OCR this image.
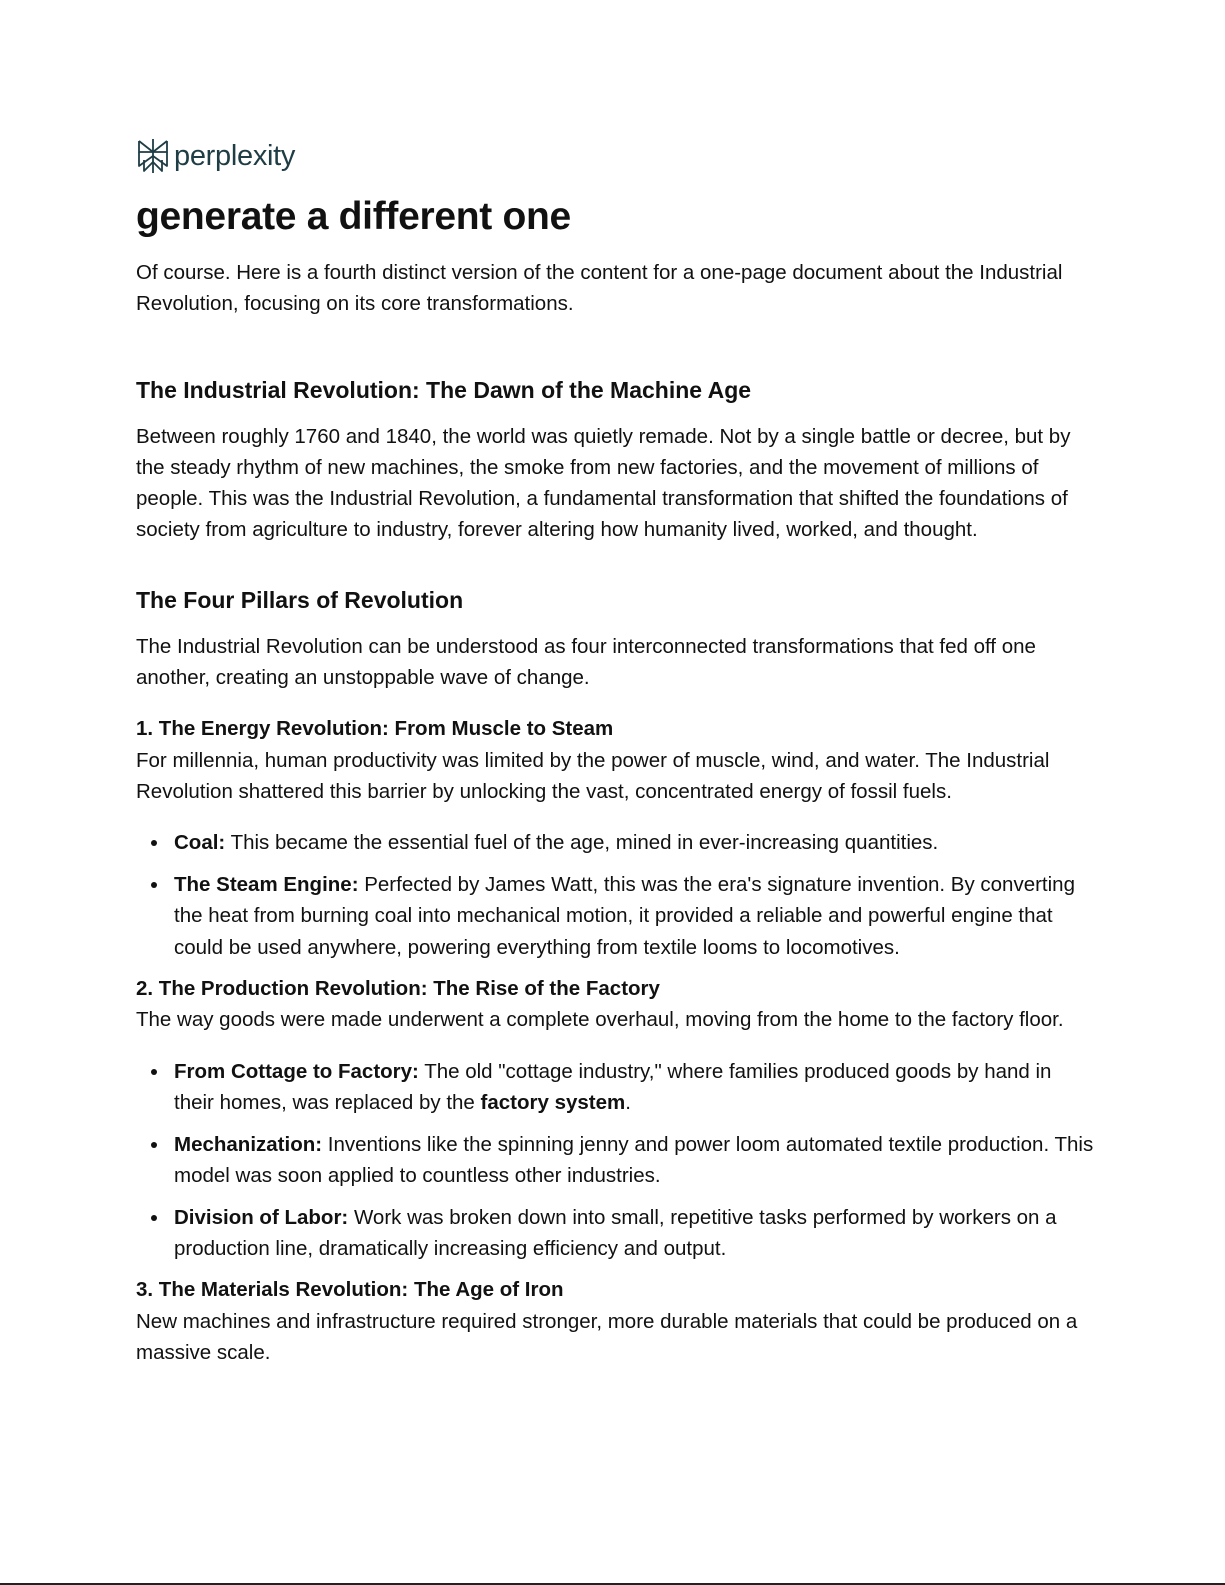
perplexity
generate a different one

Of course. Here is a fourth distinct version of the content for a one-page document about the Industrial Revolution, focusing on its core transformations.

The Industrial Revolution: The Dawn of the Machine Age

Between roughly 1760 and 1840, the world was quietly remade. Not by a single battle or decree, but by the steady rhythm of new machines, the smoke from new factories, and the movement of millions of people. This was the Industrial Revolution, a fundamental transformation that shifted the foundations of society from agriculture to industry, forever altering how humanity lived, worked, and thought.

The Four Pillars of Revolution

The Industrial Revolution can be understood as four interconnected transformations that fed off one another, creating an unstoppable wave of change.

1. The Energy Revolution: From Muscle to Steam

For millennia, human productivity was limited by the power of muscle, wind, and water. The Industrial Revolution shattered this barrier by unlocking the vast, concentrated energy of fossil fuels.

Coal: This became the essential fuel of the age, mined in ever-increasing quantities.
The Steam Engine: Perfected by James Watt, this was the era's signature invention. By converting the heat from burning coal into mechanical motion, it provided a reliable and powerful engine that could be used anywhere, powering everything from textile looms to locomotives.
2. The Production Revolution: The Rise of the Factory

The way goods were made underwent a complete overhaul, moving from the home to the factory floor.

From Cottage to Factory: The old "cottage industry," where families produced goods by hand in their homes, was replaced by the factory system.
Mechanization: Inventions like the spinning jenny and power loom automated textile production. This model was soon applied to countless other industries.
Division of Labor: Work was broken down into small, repetitive tasks performed by workers on a production line, dramatically increasing efficiency and output.
3. The Materials Revolution: The Age of Iron

New machines and infrastructure required stronger, more durable materials that could be produced on a massive scale.
